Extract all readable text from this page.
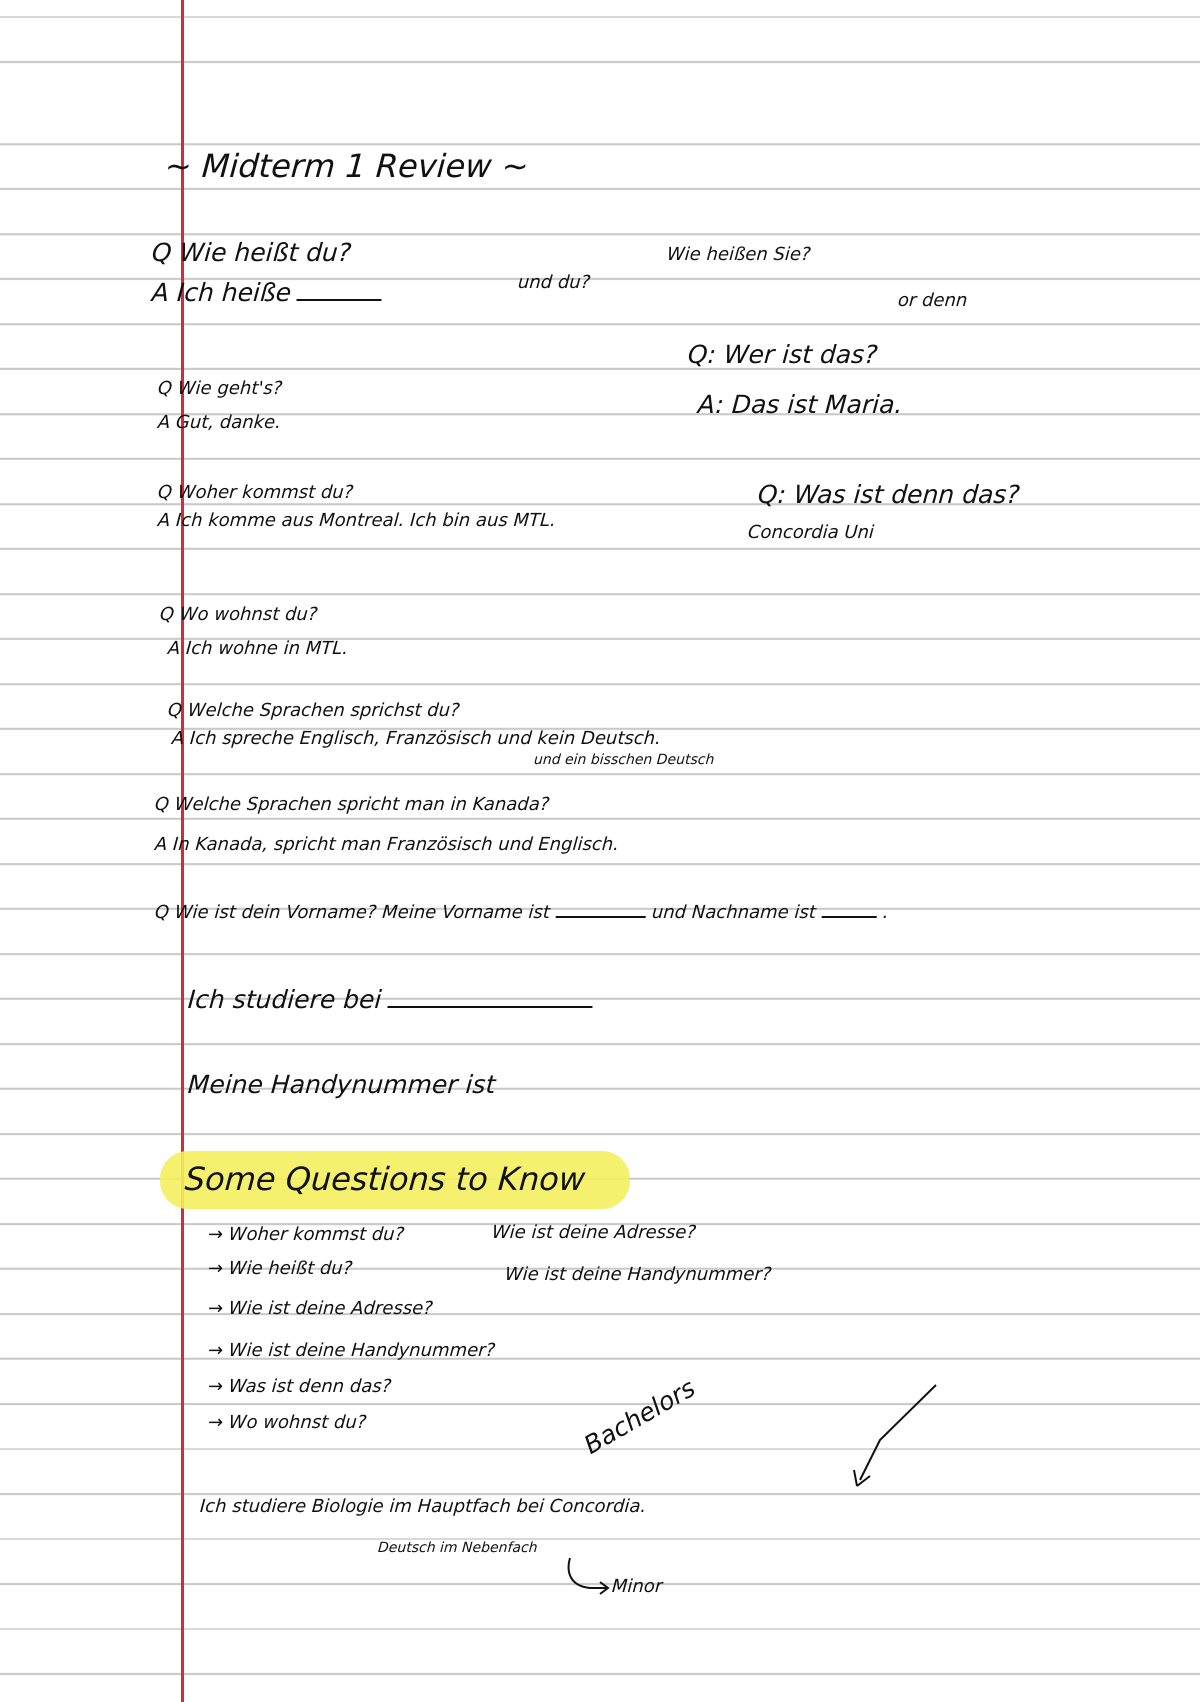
~ Midterm 1 Review ~
Q Wie heißt du?
A Ich heiße	und du?
Wie heißen Sie?
or denn
Q: Wer ist das?
A: Das ist Maria.
Q Wie geht's?
A Gut, danke.
Q Woher kommst du?
A Ich komme aus Montreal. Ich bin aus MTL.
Q: Was ist denn das?
Concordia Uni
Q Wo wohnst du?
A Ich wohne in MTL.
Q Welche Sprachen sprichst du?
A Ich spreche Englisch, Französisch und kein Deutsch.
und ein bisschen Deutsch
Q Welche Sprachen spricht man in Kanada?
A In Kanada, spricht man Französisch und Englisch.
Q Wie ist dein Vorname? Meine Vorname ist	und Nachname ist	.
Ich studiere bei
Meine Handynummer ist
Some Questions to Know
→ Woher kommst du?
→ Wie heißt du?
→ Wie ist deine Adresse?
→ Wie ist deine Handynummer?
→ Was ist denn das?
→ Wo wohnst du?
Wie ist deine Adresse?
Wie ist deine Handynummer?
Bachelors
Ich studiere Biologie im Hauptfach bei Concordia.
Deutsch im Nebenfach
Minor
